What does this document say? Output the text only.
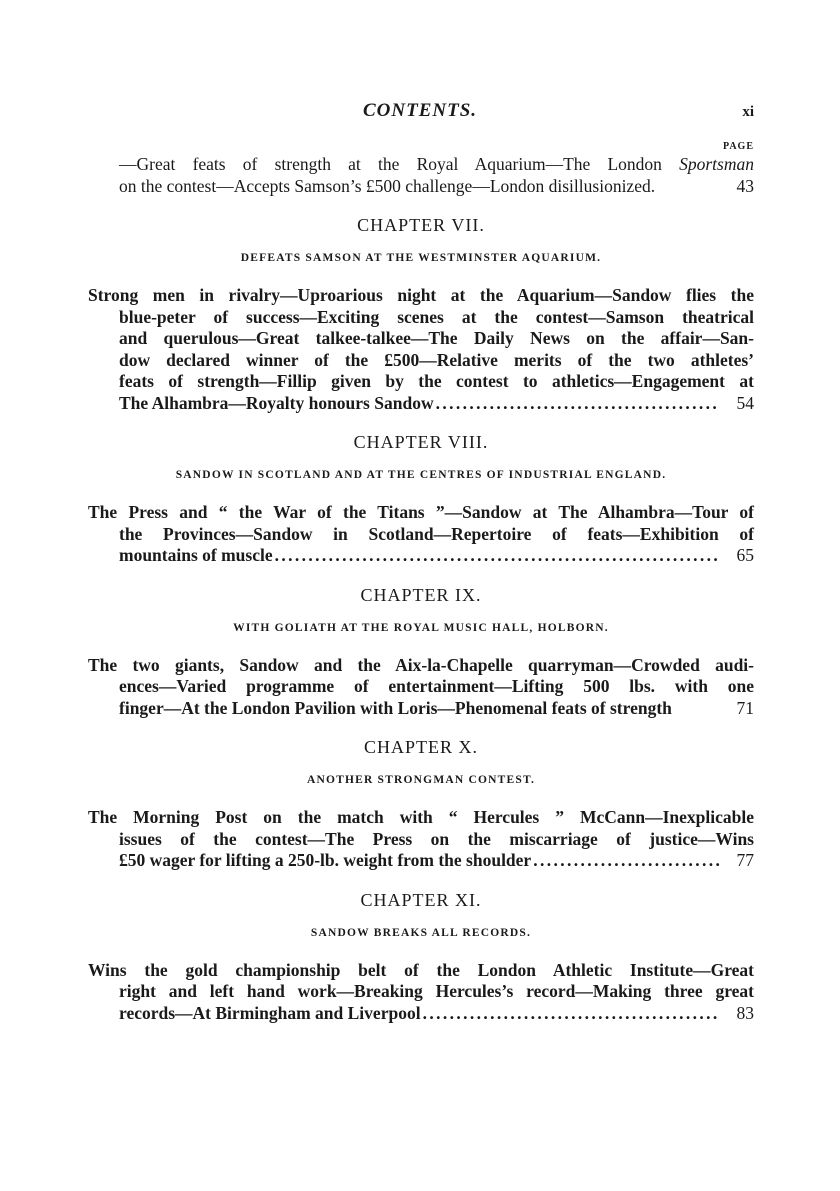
CONTENTS.	xi
PAGE
—Great feats of strength at the Royal Aquarium—The London Sportsman
on the contest—Accepts Samson’s £500 challenge—London disillusionized.	43
CHAPTER VII.
DEFEATS SAMSON AT THE WESTMINSTER AQUARIUM.
Strong men in rivalry—Uproarious night at the Aquarium—Sandow flies the
blue-peter of success—Exciting scenes at the contest—Samson theatrical
and querulous—Great talkee-talkee—The Daily News on the affair—San-
dow declared winner of the £500—Relative merits of the two athletes’
feats of strength—Fillip given by the contest to athletics—Engagement at
The Alhambra—Royalty honours Sandow . . .	54
CHAPTER VIII.
SANDOW IN SCOTLAND AND AT THE CENTRES OF INDUSTRIAL ENGLAND.
The Press and “ the War of the Titans ”—Sandow at The Alhambra—Tour of
the Provinces—Sandow in Scotland—Repertoire of feats—Exhibition of
mountains of muscle . . .	65
CHAPTER IX.
WITH GOLIATH AT THE ROYAL MUSIC HALL, HOLBORN.
The two giants, Sandow and the Aix-la-Chapelle quarryman—Crowded audi-
ences—Varied programme of entertainment—Lifting 500 lbs. with one
finger—At the London Pavilion with Loris—Phenomenal feats of strength	71
CHAPTER X.
ANOTHER STRONGMAN CONTEST.
The Morning Post on the match with “ Hercules ” McCann—Inexplicable
issues of the contest—The Press on the miscarriage of justice—Wins
£50 wager for lifting a 250-lb. weight from the shoulder . . .	77
CHAPTER XI.
SANDOW BREAKS ALL RECORDS.
Wins the gold championship belt of the London Athletic Institute—Great
right and left hand work—Breaking Hercules’s record—Making three great
records—At Birmingham and Liverpool . . .	83
